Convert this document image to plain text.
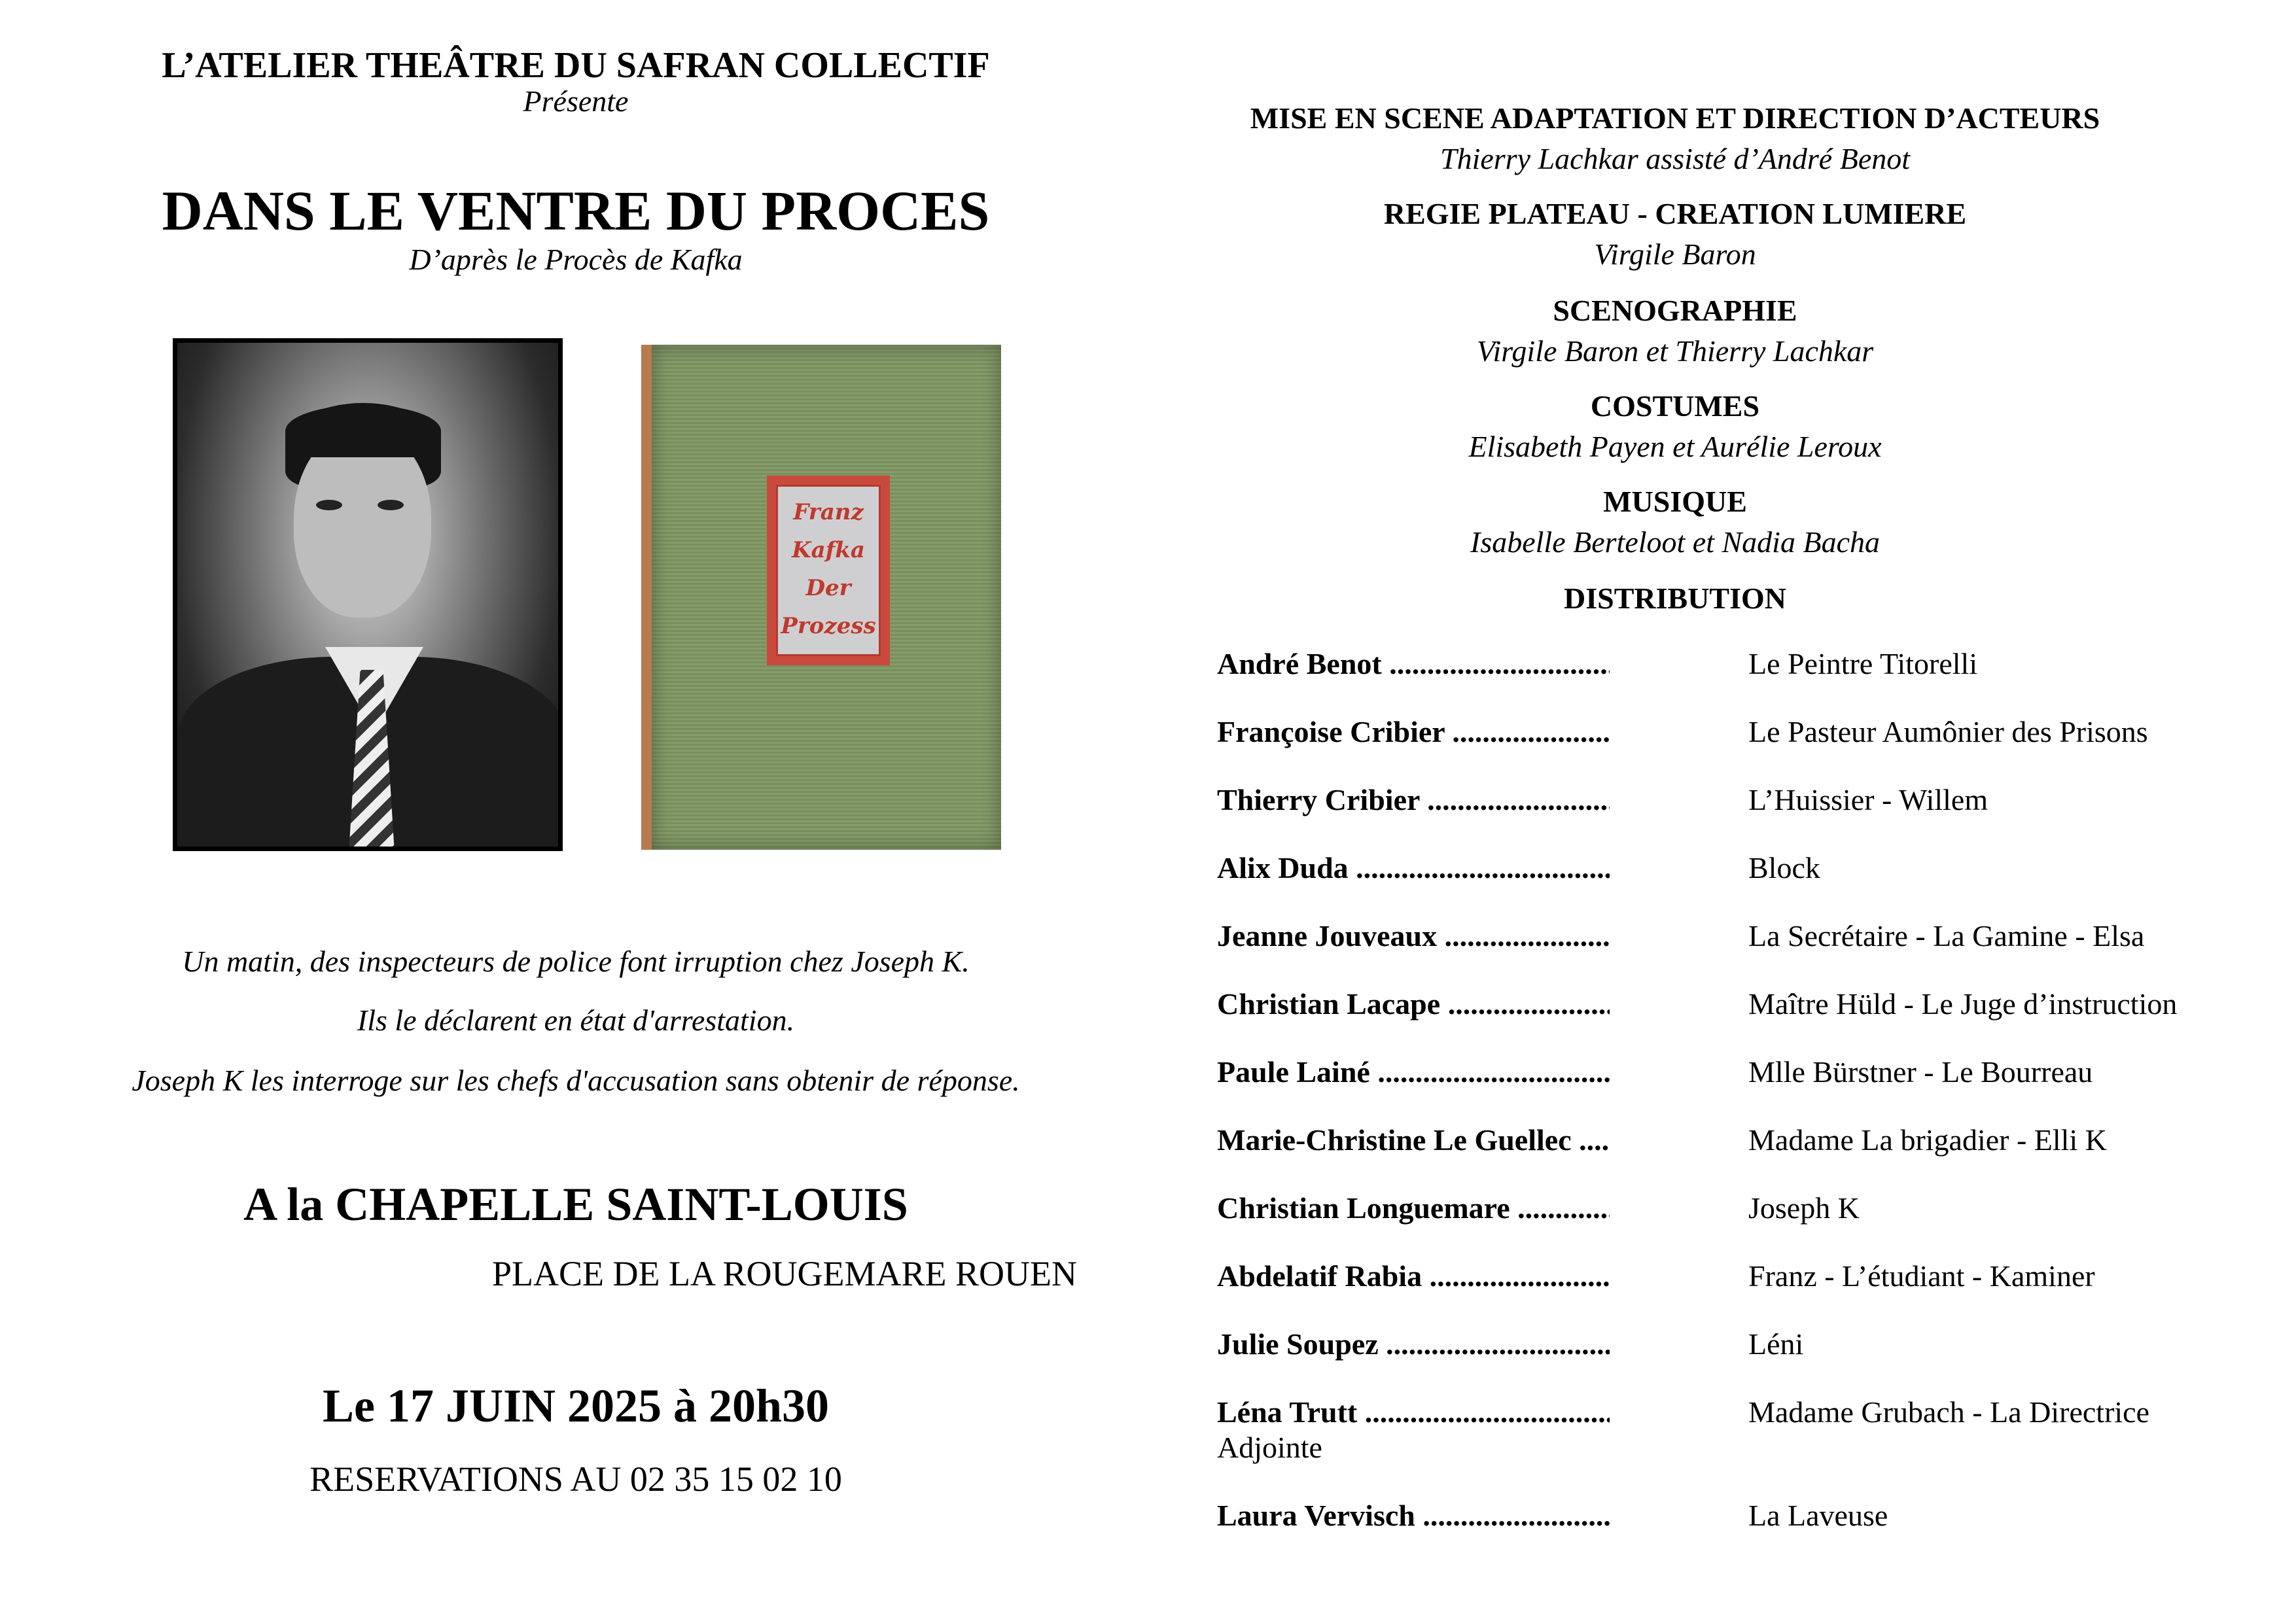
L’ATELIER THEÂTRE DU SAFRAN COLLECTIF
Présente
DANS LE VENTRE DU PROCES
D’après le Procès de Kafka
Franz
Kafka
Der
Prozess
Un matin, des inspecteurs de police font irruption chez Joseph K.
Ils le déclarent en état d'arrestation.
Joseph K les interroge sur les chefs d'accusation sans obtenir de réponse.
A la CHAPELLE SAINT-LOUIS
PLACE DE LA ROUGEMARE ROUEN
Le 17 JUIN 2025 à 20h30
RESERVATIONS AU 02 35 15 02 10
MISE EN SCENE ADAPTATION ET DIRECTION D’ACTEURS
Thierry Lachkar assisté d’André Benot
REGIE PLATEAU - CREATION LUMIERE
Virgile Baron
SCENOGRAPHIE
Virgile Baron et Thierry Lachkar
COSTUMES
Elisabeth Payen et Aurélie Leroux
MUSIQUE
Isabelle Berteloot et Nadia Bacha
DISTRIBUTION
André Benot .....	Le Peintre Titorelli
Françoise Cribier .....	Le Pasteur Aumônier des Prisons
Thierry Cribier .....	L’Huissier - Willem
Alix Duda .....	Block
Jeanne Jouveaux .....	La Secrétaire - La Gamine - Elsa
Christian Lacape .....	Maître Hüld - Le Juge d’instruction
Paule Lainé .....	Mlle Bürstner - Le Bourreau
Marie-Christine Le Guellec .....	Madame La brigadier - Elli K
Christian Longuemare .....	Joseph K
Abdelatif Rabia .....	Franz - L’étudiant - Kaminer
Julie Soupez .....	Léni
Léna Trutt .....	Madame Grubach - La Directrice
Adjointe
Laura Vervisch .....	La Laveuse
